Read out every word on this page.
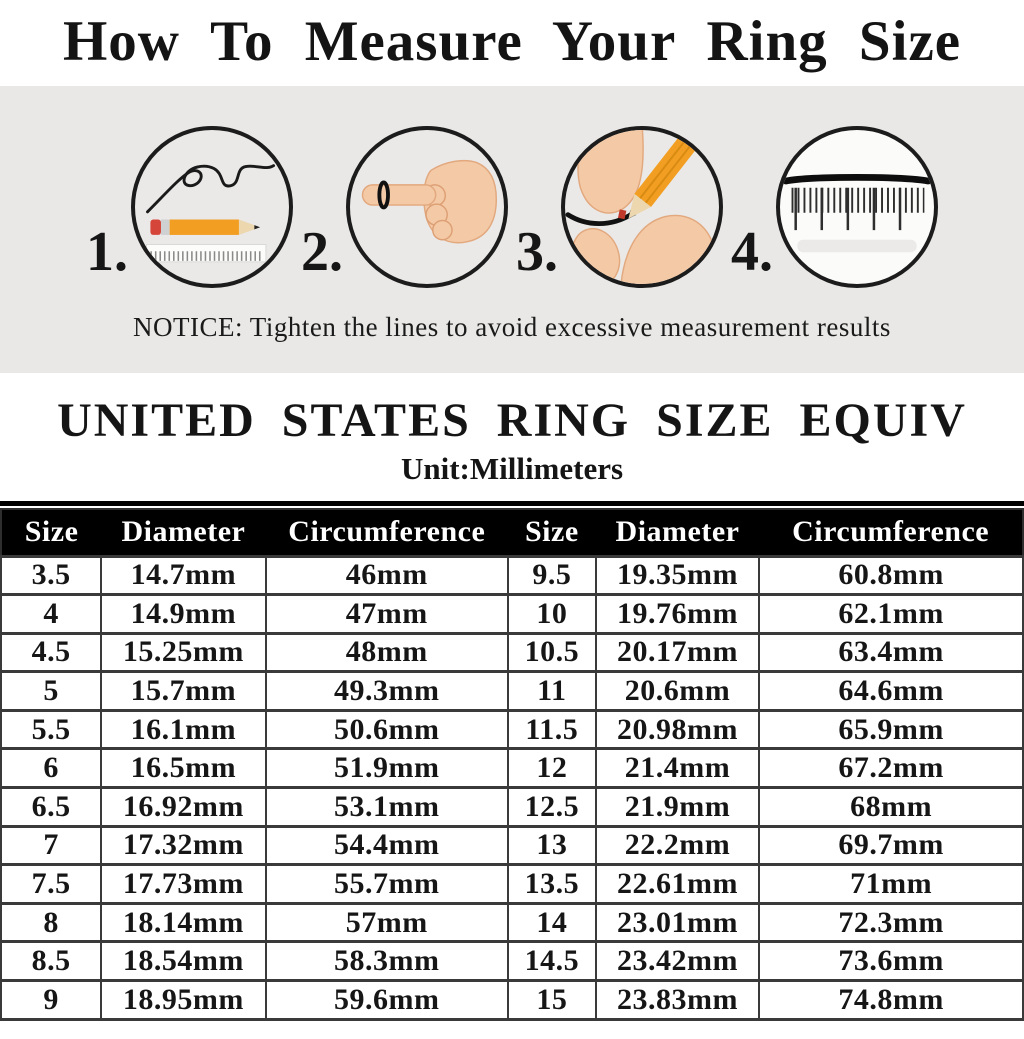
How To Measure Your Ring Size
1.	2.	3.	4.
NOTICE: Tighten the lines to avoid excessive measurement results
UNITED STATES RING SIZE EQUIV
Unit:Millimeters
Size	Diameter	Circumference	Size	Diameter	Circumference
3.5	14.7mm	46mm	9.5	19.35mm	60.8mm
4	14.9mm	47mm	10	19.76mm	62.1mm
4.5	15.25mm	48mm	10.5	20.17mm	63.4mm
5	15.7mm	49.3mm	11	20.6mm	64.6mm
5.5	16.1mm	50.6mm	11.5	20.98mm	65.9mm
6	16.5mm	51.9mm	12	21.4mm	67.2mm
6.5	16.92mm	53.1mm	12.5	21.9mm	68mm
7	17.32mm	54.4mm	13	22.2mm	69.7mm
7.5	17.73mm	55.7mm	13.5	22.61mm	71mm
8	18.14mm	57mm	14	23.01mm	72.3mm
8.5	18.54mm	58.3mm	14.5	23.42mm	73.6mm
9	18.95mm	59.6mm	15	23.83mm	74.8mm
